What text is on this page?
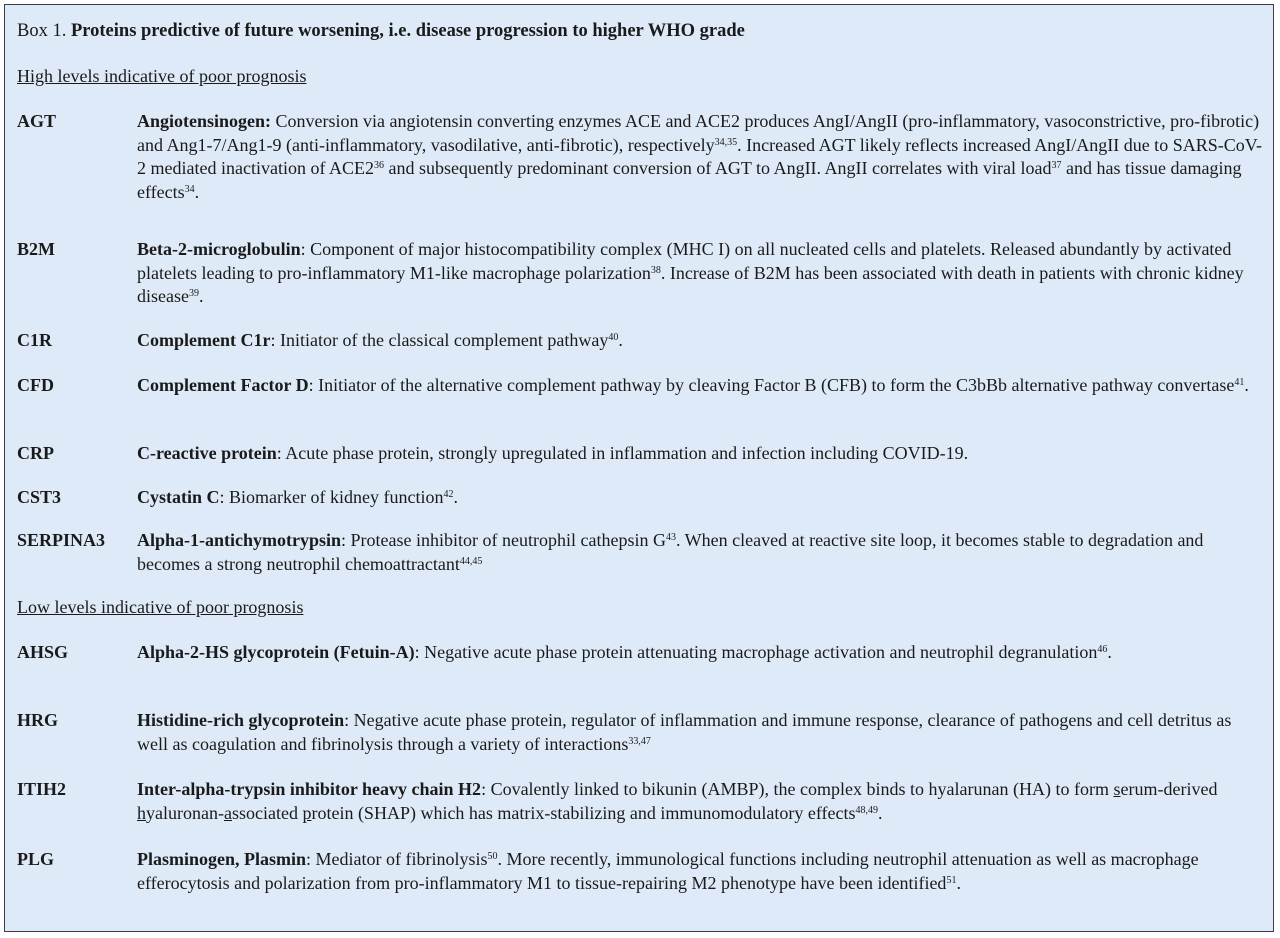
Box 1. Proteins predictive of future worsening, i.e. disease progression to higher WHO grade
High levels indicative of poor prognosis
AGT	Angiotensinogen: Conversion via angiotensin converting enzymes ACE and ACE2 produces AngI/AngII (pro-inflammatory, vasoconstrictive, pro-fibrotic) and Ang1-7/Ang1-9 (anti-inflammatory, vasodilative, anti-fibrotic), respectively$^{34,35}$. Increased AGT likely reflects increased AngI/AngII due to SARS-CoV-2 mediated inactivation of $ACE2^{36}$ and subsequently predominant conversion of AGT to AngII. AngII correlates with viral load$^{37}$ and has tissue damaging effects$^{34}$.
B2M	Beta-2-microglobulin: Component of major histocompatibility complex (MHC I) on all nucleated cells and platelets. Released abundantly by activated platelets leading to pro-inflammatory M1-like macrophage polarization$^{38}$. Increase of B2M has been associated with death in patients with chronic kidney disease$^{39}$.
C1R	Complement C1r: Initiator of the classical complement pathway$^{40}$.
CFD	Complement Factor D: Initiator of the alternative complement pathway by cleaving Factor B (CFB) to form the C3bBb alternative pathway convertase$^{41}$.
CRP	C-reactive protein: Acute phase protein, strongly upregulated in inflammation and infection including COVID-19.
CST3	Cystatin C: Biomarker of kidney function$^{42}$.
SERPINA3 Alpha-1-antichymotrypsin: Protease inhibitor of neutrophil cathepsin $G^{43}$. When cleaved at reactive site loop, it becomes stable to degradation and becomes a strong neutrophil chemoattractant$^{44,45}$
Low levels indicative of poor prognosis
AHSG	Alpha-2-HS glycoprotein (Fetuin-A): Negative acute phase protein attenuating macrophage activation and neutrophil degranulation$^{46}$.
HRG	Histidine-rich glycoprotein: Negative acute phase protein, regulator of inflammation and immune response, clearance of pathogens and cell detritus as well as coagulation and fibrinolysis through a variety of interactions$^{33,47}$
ITIH2	Inter-alpha-trypsin inhibitor heavy chain H2: Covalently linked to bikunin (AMBP), the complex binds to hyalarunan (HA) to form serum-derived hyaluronan-associated protein (SHAP) which has matrix-stabilizing and immunomodulatory effects$^{48,49}$.
PLG	Plasminogen, Plasmin: Mediator of fibrinolysis$^{50}$. More recently, immunological functions including neutrophil attenuation as well as macrophage efferocytosis and polarization from pro-inflammatory M1 to tissue-repairing M2 phenotype have been identified$^{51}$.
